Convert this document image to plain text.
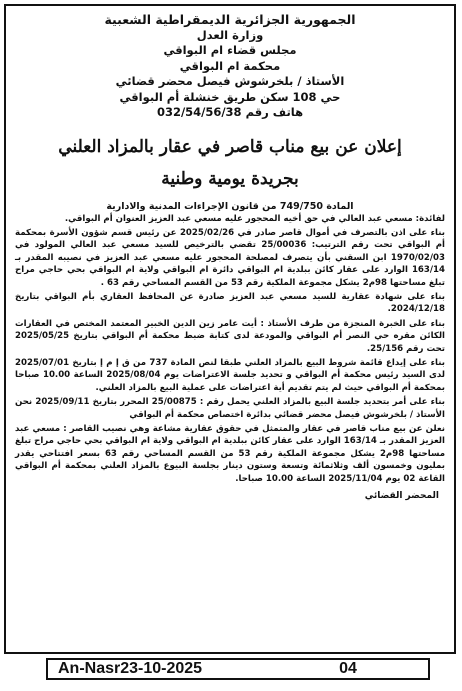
الجمهورية الجزائرية الديمقراطية الشعبية
وزارة العدل
مجلس قضاء ام البواقي
محكمة ام البواقي
الأستاذ / بلخرشوش فيصل محضر قضائي
حي 108 سكن طريق خنشلة أم البواقي
هاتف رقم 032/54/56/38
إعلان عن بيع مناب قاصر في عقار بالمزاد العلني
بجريدة يومية وطنية
المادة 749/750 من قانون الإجراءات المدنية والادارية

لفائدة: مسعي عبد العالي في حق أخيه المحجور عليه مسعي عبد العزيز العنوان أم البواقي.

بناء على اذن بالتصرف في أموال قاصر صادر في 2025/02/26 عن رئيس قسم شؤون الأسرة بمحكمة أم البواقي تحت رقم الترتيب: 25/00036 تقضي بالترخيص للسيد مسعي عبد العالي المولود في 1970/02/03 ابن السقني بأن يتصرف لمصلحة المحجور عليه مسعي عبد العزيز في نصيبه المقدر بـ 163/14 الوارد على عقار كائن ببلدية ام البواقي دائرة ام البواقي ولاية ام البواقي بحي حاجي مراح تبلغ مساحتها 98م2 يشكل مجموعة الملكية رقم 53 من القسم المساحي رقم 63 .

بناء على شهادة عقارية للسيد مسعي عبد العزيز صادرة عن المحافظ العقاري بأم البواقي بتاريخ 2024/12/18.

بناء على الخبرة المنجزة من طرف الأستاذ : أيت عامر زين الدين الخبير المعتمد المختص في العقارات الكائن مقره حي النصر أم البواقي والمودعة لدى كتابة ضبط محكمة أم البواقي بتاريخ 2025/05/25 تحت رقم 25/156.

بناء على إيداع قائمة شروط البيع بالمزاد العلني طبقا لنص المادة 737 من ق إ م إ بتاريخ 2025/07/01 لدى السيد رئيس محكمة أم البواقي و تحديد جلسة الاعتراضات يوم 2025/08/04 الساعة 10.00 صباحا بمحكمة أم البواقي حيث لم يتم تقديم أية اعتراضات على عملية البيع بالمزاد العلني.

بناء على أمر بتحديد جلسة البيع بالمزاد العلني يحمل رقم : 25/00875 المحرر بتاريخ 2025/09/11 نحن الأستاذ / بلخرشوش فيصل محضر قضائي بدائرة اختصاص محكمة أم البواقي

نعلن عن بيع مناب قاصر في عقار والمتمثل في حقوق عقارية مشاعة وهي نصيب القاصر : مسعي عبد العزيز المقدر بـ 163/14 الوارد على عقار كائن ببلدية ام البواقي ولاية ام البواقي بحي حاجي مراح تبلغ مساحتها 98م2 يشكل مجموعة الملكية رقم 53 من القسم المساحي رقم 63 بسعر افتتاحي يقدر بمليون وخمسون ألف وثلاثمائة وتسعة وستون دينار بجلسة البيوع بالمزاد العلني بمحكمة أم البواقي القاعة 02 يوم 2025/11/04 الساعة 10.00 صباحا.

المحضر القضائي
An-Nasr23-10-2025	04
